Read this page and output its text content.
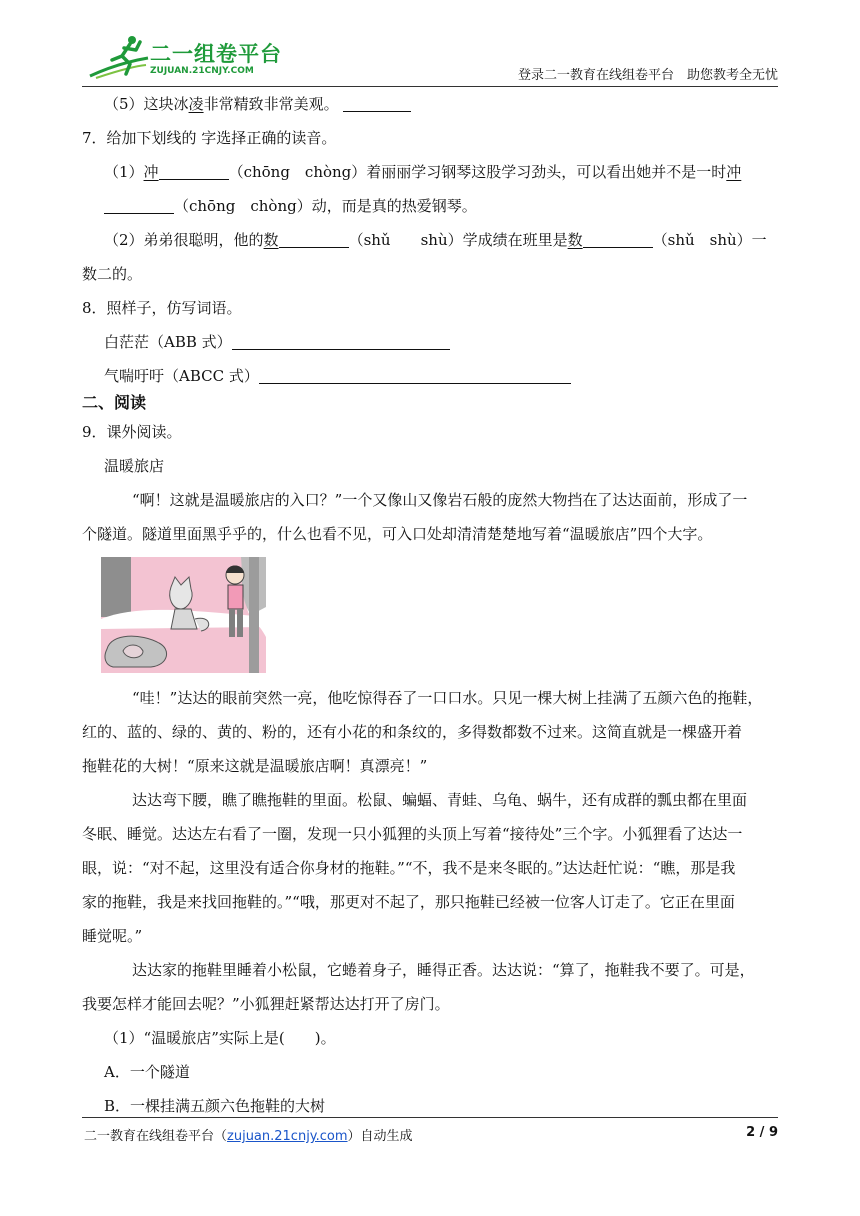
二一组卷平台
ZUJUAN.21CNJY.COM	登录二一教育在线组卷平台　助您教考全无忧
（5）这块冰凌非常精致非常美观。
7．给加下划线的 字选择正确的读音。
（1）冲	（chōng　chòng）着丽丽学习钢琴这股学习劲头，可以看出她并不是一时冲
（chōng　chòng）动，而是真的热爱钢琴。
（2）弟弟很聪明，他的数	（shǔ　　shù）学成绩在班里是数	（shǔ　shù）一
数二的。
8．照样子，仿写词语。
白茫茫（ABB 式）
气喘吁吁（ABCC 式）
二、阅读
9．课外阅读。
温暖旅店
“啊！这就是温暖旅店的入口？”一个又像山又像岩石般的庞然大物挡在了达达面前，形成了一
个隧道。隧道里面黑乎乎的，什么也看不见，可入口处却清清楚楚地写着“温暖旅店”四个大字。
“哇！”达达的眼前突然一亮，他吃惊得吞了一口口水。只见一棵大树上挂满了五颜六色的拖鞋，
红的、蓝的、绿的、黄的、粉的，还有小花的和条纹的，多得数都数不过来。这简直就是一棵盛开着
拖鞋花的大树！“原来这就是温暖旅店啊！真漂亮！”
达达弯下腰，瞧了瞧拖鞋的里面。松鼠、蝙蝠、青蛙、乌龟、蜗牛，还有成群的瓢虫都在里面
冬眠、睡觉。达达左右看了一圈，发现一只小狐狸的头顶上写着“接待处”三个字。小狐狸看了达达一
眼，说：“对不起，这里没有适合你身材的拖鞋。”“不，我不是来冬眠的。”达达赶忙说：“瞧，那是我
家的拖鞋，我是来找回拖鞋的。”“哦，那更对不起了，那只拖鞋已经被一位客人订走了。它正在里面
睡觉呢。”
达达家的拖鞋里睡着小松鼠，它蜷着身子，睡得正香。达达说：“算了，拖鞋我不要了。可是，
我要怎样才能回去呢？”小狐狸赶紧帮达达打开了房门。
（1）“温暖旅店”实际上是(　　)。
A．一个隧道
B．一棵挂满五颜六色拖鞋的大树
二一教育在线组卷平台（zujuan.21cnjy.com）自动生成	2 / 9
